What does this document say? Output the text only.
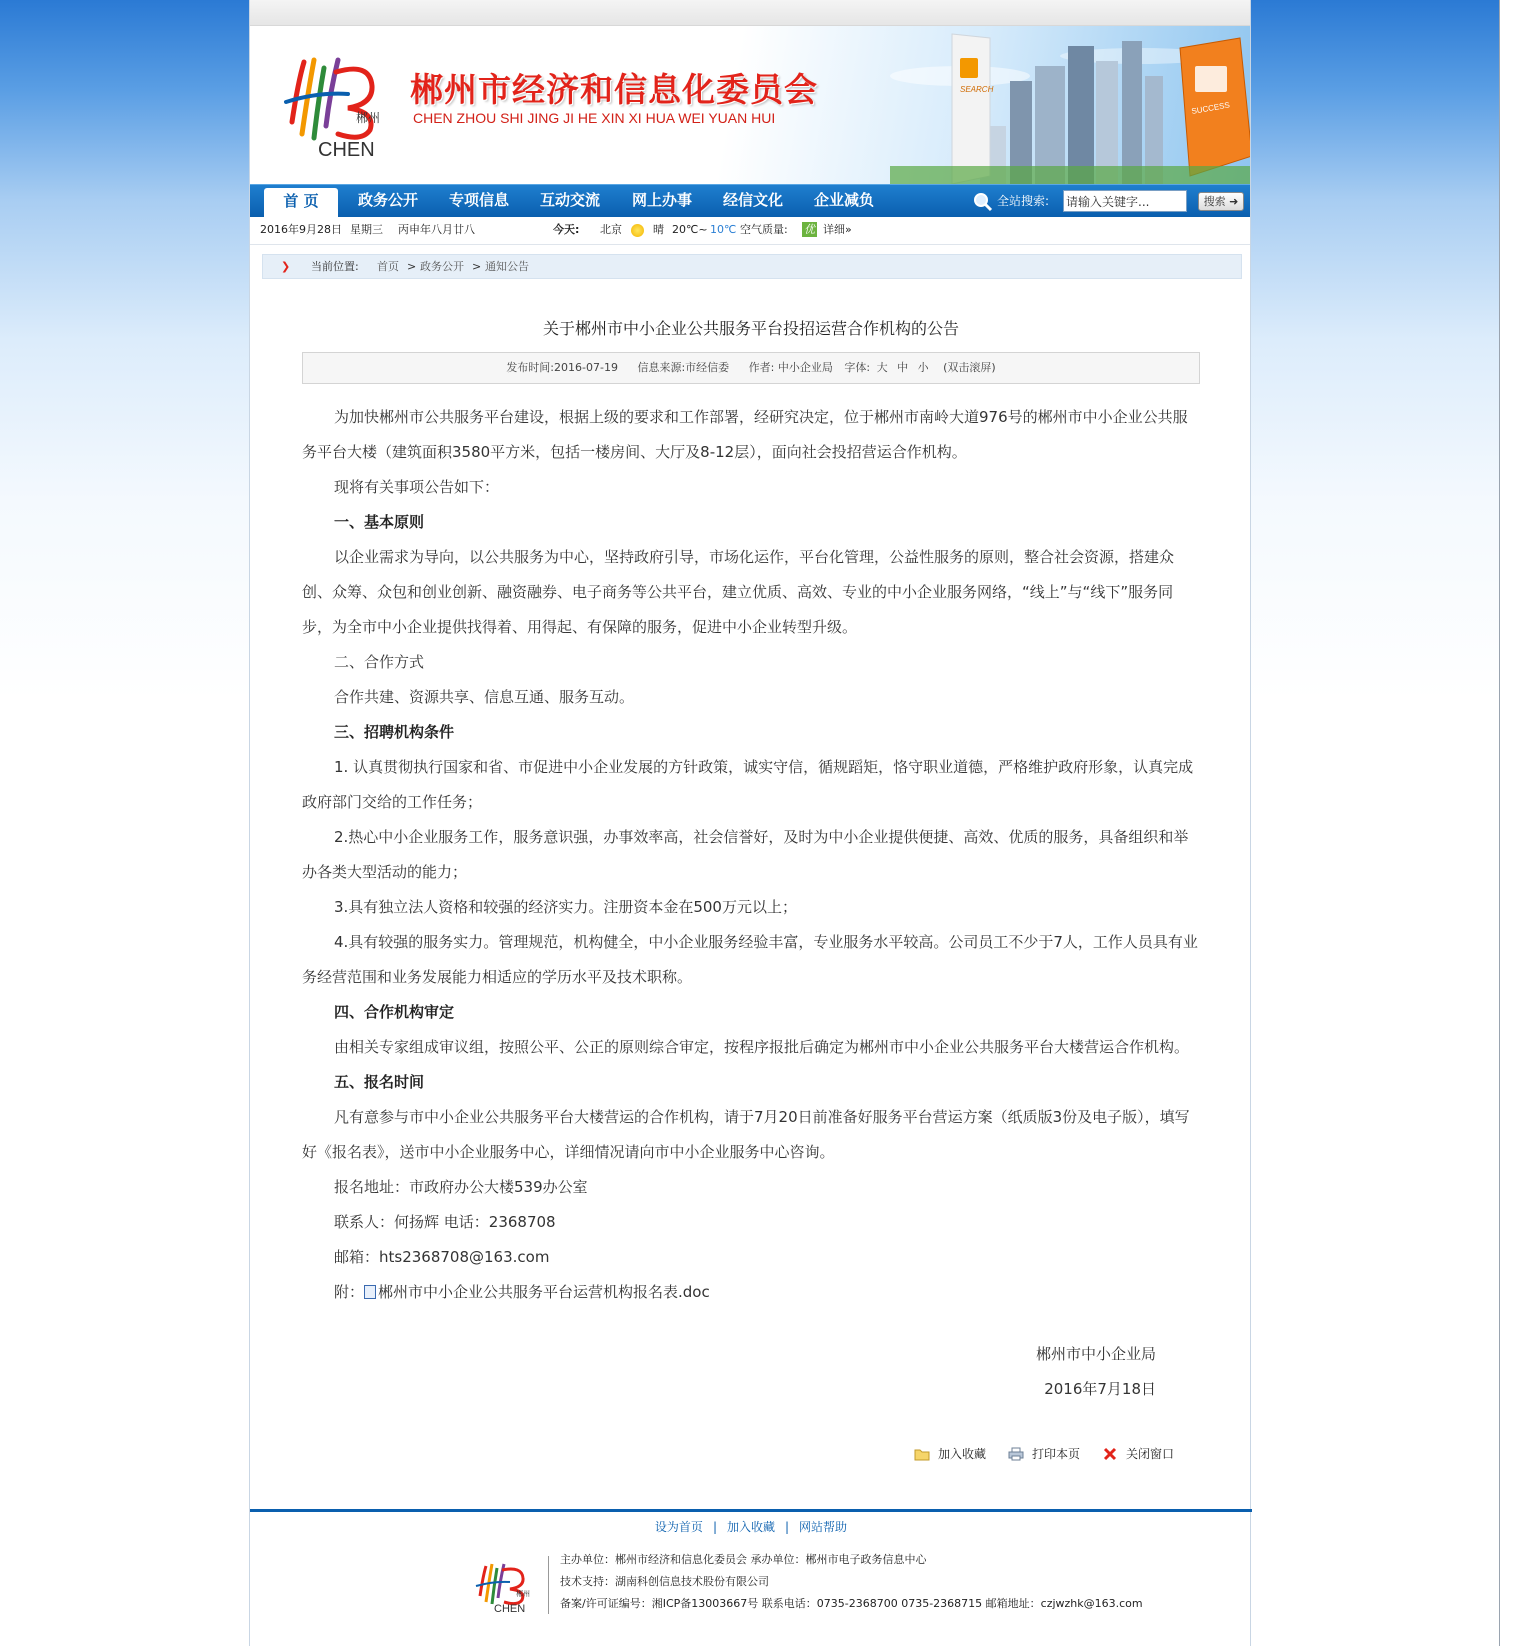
郴州
CHEN
郴州市经济和信息化委员会
CHEN ZHOU SHI JING JI HE XIN XI HUA WEI YUAN HUI
SEARCH
SUCCESS
首 页	政务公开	专项信息	互动交流	网上办事	经信文化	企业减负	全站搜索:
请输入关键字...	搜索 ➜
2016年9月28日 星期三 丙申年八月廿八	今天: 北京	晴 20℃~ 10℃ 空气质量: 优 详细»
❯ 当前位置: 首页 > 政务公开 > 通知公告
关于郴州市中小企业公共服务平台投招运营合作机构的公告
发布时间:2016-07-19 信息来源:市经信委 作者: 中小企业局 字体: 大 中 小 (双击滚屏)

为加快郴州市公共服务平台建设，根据上级的要求和工作部署，经研究决定，位于郴州市南岭大道976号的郴州市中小企业公共服务平台大楼（建筑面积3580平方米，包括一楼房间、大厅及8-12层），面向社会投招营运合作机构。

现将有关事项公告如下：

一、基本原则

以企业需求为导向，以公共服务为中心，坚持政府引导，市场化运作，平台化管理，公益性服务的原则，整合社会资源，搭建众创、众筹、众包和创业创新、融资融券、电子商务等公共平台，建立优质、高效、专业的中小企业服务网络，“线上”与“线下”服务同步，为全市中小企业提供找得着、用得起、有保障的服务，促进中小企业转型升级。

二、合作方式

合作共建、资源共享、信息互通、服务互动。

三、招聘机构条件

1. 认真贯彻执行国家和省、市促进中小企业发展的方针政策，诚实守信，循规蹈矩，恪守职业道德，严格维护政府形象，认真完成政府部门交给的工作任务；

2.热心中小企业服务工作，服务意识强，办事效率高，社会信誉好，及时为中小企业提供便捷、高效、优质的服务，具备组织和举办各类大型活动的能力；

3.具有独立法人资格和较强的经济实力。注册资本金在500万元以上；

4.具有较强的服务实力。管理规范，机构健全，中小企业服务经验丰富，专业服务水平较高。公司员工不少于7人，工作人员具有业务经营范围和业务发展能力相适应的学历水平及技术职称。

四、合作机构审定

由相关专家组成审议组，按照公平、公正的原则综合审定，按程序报批后确定为郴州市中小企业公共服务平台大楼营运合作机构。

五、报名时间

凡有意参与市中小企业公共服务平台大楼营运的合作机构，请于7月20日前准备好服务平台营运方案（纸质版3份及电子版），填写好《报名表》，送市中小企业服务中心，详细情况请向市中小企业服务中心咨询。

报名地址：市政府办公大楼539办公室

联系人：何扬辉 电话：2368708

邮箱：hts2368708@163.com

附： 郴州市中小企业公共服务平台运营机构报名表.doc

郴州市中小企业局
2016年7月18日
加入收藏	打印本页	关闭窗口
设为首页 | 加入收藏 | 网站帮助
郴州
CHEN
主办单位：郴州市经济和信息化委员会 承办单位：郴州市电子政务信息中心
技术支持：湖南科创信息技术股份有限公司
备案/许可证编号：湘ICP备13003667号 联系电话：0735-2368700 0735-2368715 邮箱地址：czjwzhk@163.com
